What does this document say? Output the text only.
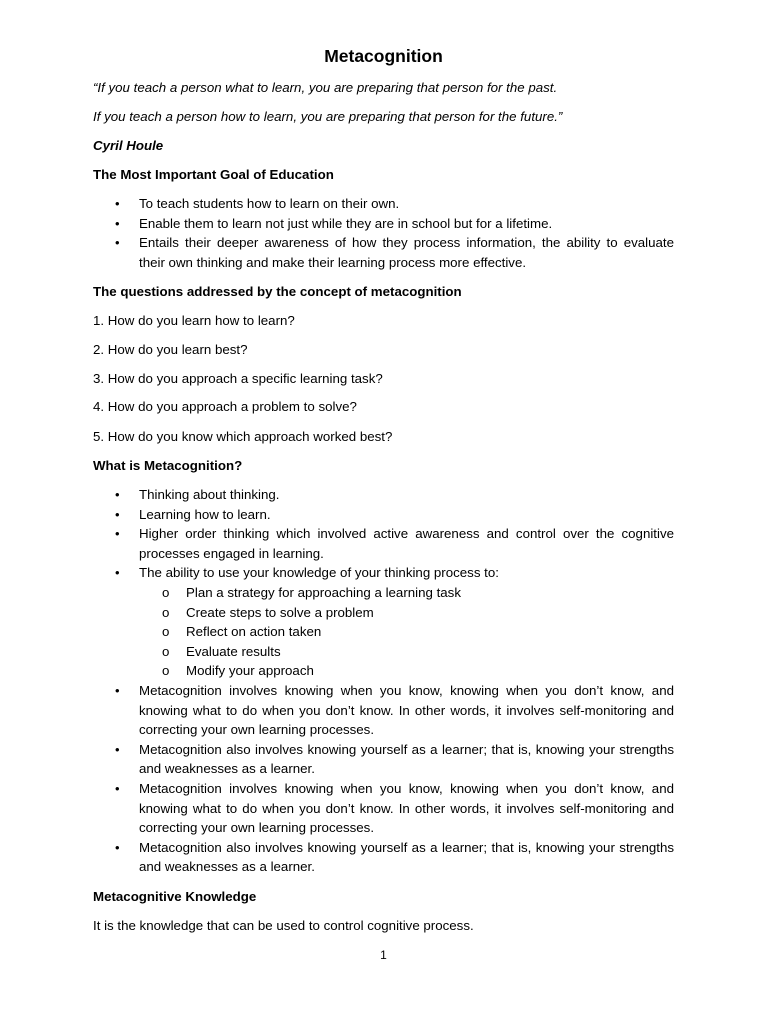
Metacognition

“If you teach a person what to learn, you are preparing that person for the past.

If you teach a person how to learn, you are preparing that person for the future.”

Cyril Houle

The Most Important Goal of Education

• To teach students how to learn on their own.
• Enable them to learn not just while they are in school but for a lifetime.
• Entails their deeper awareness of how they process information, the ability to evaluate their own thinking and make their learning process more effective.

The questions addressed by the concept of metacognition

1. How do you learn how to learn?

2. How do you learn best?

3. How do you approach a specific learning task?

4. How do you approach a problem to solve?

5. How do you know which approach worked best?

What is Metacognition?

• Thinking about thinking.
• Learning how to learn.
• Higher order thinking which involved active awareness and control over the cognitive processes engaged in learning.
• The ability to use your knowledge of your thinking process to:
o Plan a strategy for approaching a learning task
o Create steps to solve a problem
o Reflect on action taken
o Evaluate results
o Modify your approach
• Metacognition involves knowing when you know, knowing when you don’t know, and knowing what to do when you don’t know. In other words, it involves self-monitoring and correcting your own learning processes.
• Metacognition also involves knowing yourself as a learner; that is, knowing your strengths and weaknesses as a learner.
• Metacognition involves knowing when you know, knowing when you don’t know, and knowing what to do when you don’t know. In other words, it involves self-monitoring and correcting your own learning processes.
• Metacognition also involves knowing yourself as a learner; that is, knowing your strengths and weaknesses as a learner.

Metacognitive Knowledge

It is the knowledge that can be used to control cognitive process.

1
